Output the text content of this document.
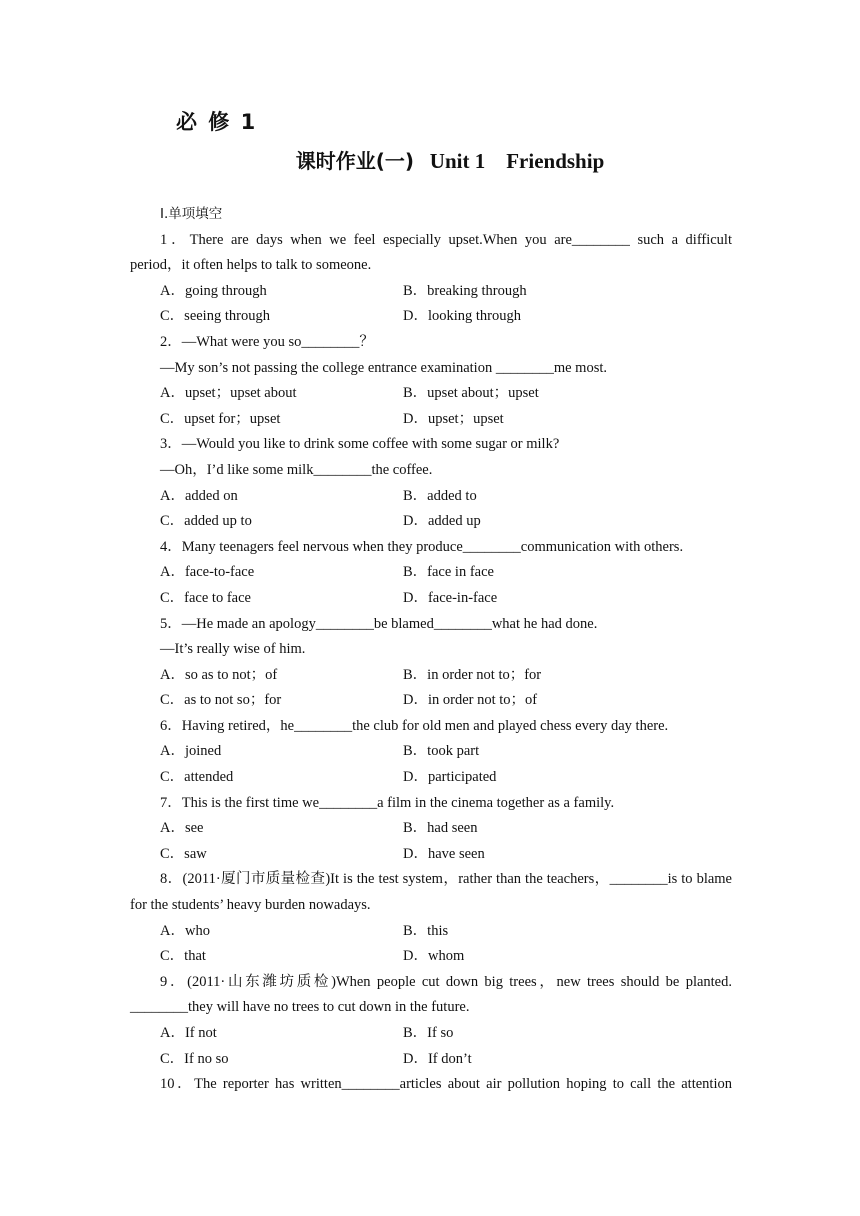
必 修 1
课时作业(一) Unit 1 Friendship
Ⅰ.单项填空
1．There are days when we feel especially upset.When you are________ such a difficult
period，it often helps to talk to someone.
A．going through	B．breaking through
C．seeing through	D．looking through
2．—What were you so________？
—My son’s not passing the college entrance examination ________me most.
A．upset；upset about	B．upset about；upset
C．upset for；upset	D．upset；upset
3．—Would you like to drink some coffee with some sugar or milk?
—Oh，I’d like some milk________the coffee.
A．added on	B．added to
C．added up to	D．added up
4．Many teenagers feel nervous when they produce________communication with others.
A．face-to-face	B．face in face
C．face to face	D．face-in-face
5．—He made an apology________be blamed________what he had done.
—It’s really wise of him.
A．so as to not；of	B．in order not to；for
C．as to not so；for	D．in order not to；of
6．Having retired，he________the club for old men and played chess every day there.
A．joined	B．took part
C．attended	D．participated
7．This is the first time we________a film in the cinema together as a family.
A．see	B．had seen
C．saw	D．have seen
8．(2011·厦门市质量检查)It is the test system，rather than the teachers，________is to blame
for the students’ heavy burden nowadays.
A．who	B．this
C．that	D．whom
9．(2011·山东潍坊质检)When people cut down big trees，new trees should be planted.
________they will have no trees to cut down in the future.
A．If not	B．If so
C．If no so	D．If don’t
10．The reporter has written________articles about air pollution hoping to call the attention
